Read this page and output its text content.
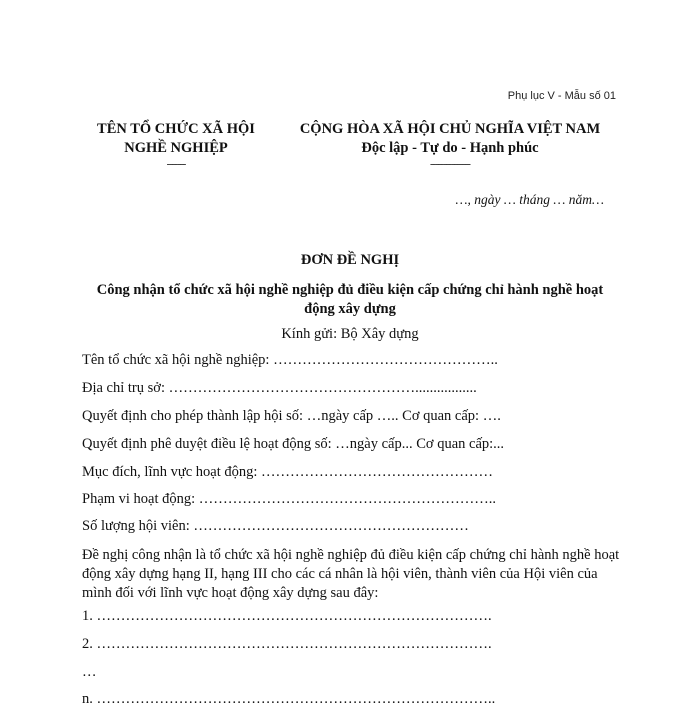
Phụ lục V - Mẫu số 01
TÊN TỔ CHỨC XÃ HỘI
NGHỀ NGHIỆP
-------
CỘNG HÒA XÃ HỘI CHỦ NGHĨA VIỆT NAM
Độc lập - Tự do - Hạnh phúc
---------------
…, ngày … tháng … năm…
ĐƠN ĐỀ NGHỊ
Công nhận tổ chức xã hội nghề nghiệp đủ điều kiện cấp chứng chỉ hành nghề hoạt động xây dựng
Kính gửi: Bộ Xây dựng
Tên tổ chức xã hội nghề nghiệp: ………………………………………..
Địa chỉ trụ sở: …………………………………………….................
Quyết định cho phép thành lập hội số: …ngày cấp ….. Cơ quan cấp: ….
Quyết định phê duyệt điều lệ hoạt động số: …ngày cấp... Cơ quan cấp:...
Mục đích, lĩnh vực hoạt động: …………………………………………
Phạm vi hoạt động: ……………………………………………………..
Số lượng hội viên: …………………………………………………
Đề nghị công nhận là tổ chức xã hội nghề nghiệp đủ điều kiện cấp chứng chỉ hành nghề hoạt động xây dựng hạng II, hạng III cho các cá nhân là hội viên, thành viên của Hội viên của mình đối với lĩnh vực hoạt động xây dựng sau đây:
1. ……………………………………………………………………….
2. ……………………………………………………………………….
…
n. ………………………………………………………………………..
